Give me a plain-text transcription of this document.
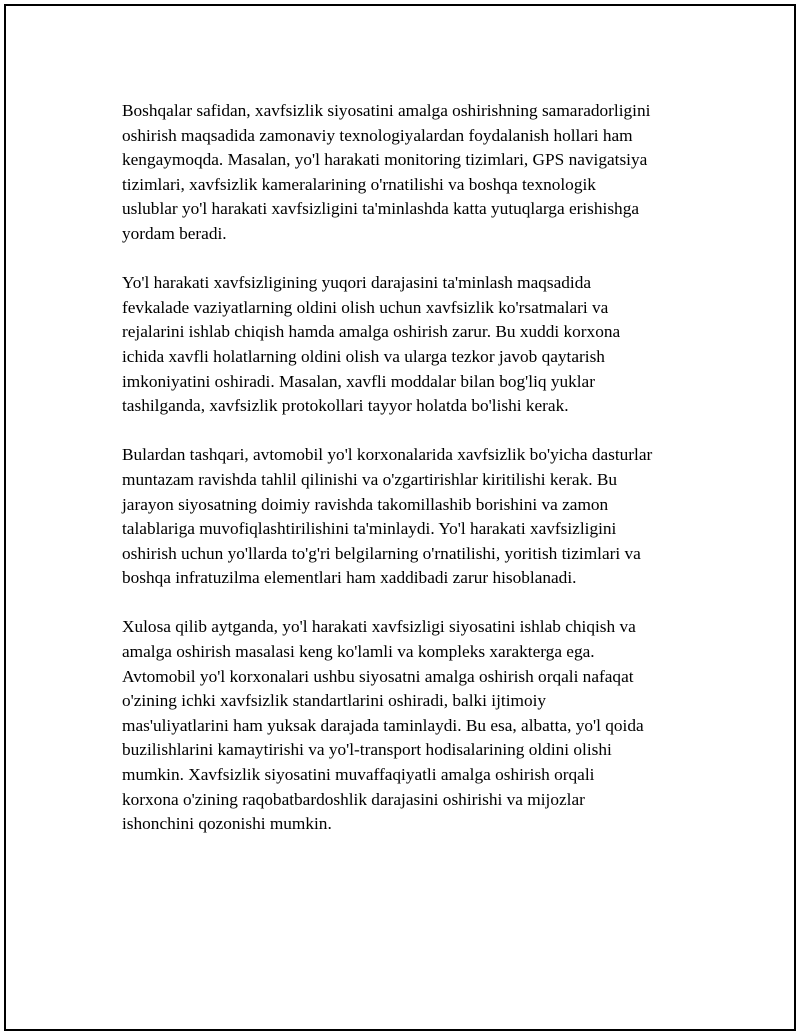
Boshqalar safidan, xavfsizlik siyosatini amalga oshirishning samaradorligini
oshirish maqsadida zamonaviy texnologiyalardan foydalanish hollari ham
kengaymoqda. Masalan, yo'l harakati monitoring tizimlari, GPS navigatsiya
tizimlari, xavfsizlik kameralarining o'rnatilishi va boshqa texnologik
uslublar yo'l harakati xavfsizligini ta'minlashda katta yutuqlarga erishishga
yordam beradi.

Yo'l harakati xavfsizligining yuqori darajasini ta'minlash maqsadida
fevkalade vaziyatlarning oldini olish uchun xavfsizlik ko'rsatmalari va
rejalarini ishlab chiqish hamda amalga oshirish zarur. Bu xuddi korxona
ichida xavfli holatlarning oldini olish va ularga tezkor javob qaytarish
imkoniyatini oshiradi. Masalan, xavfli moddalar bilan bog'liq yuklar
tashilganda, xavfsizlik protokollari tayyor holatda bo'lishi kerak.

Bulardan tashqari, avtomobil yo'l korxonalarida xavfsizlik bo'yicha dasturlar
muntazam ravishda tahlil qilinishi va o'zgartirishlar kiritilishi kerak. Bu
jarayon siyosatning doimiy ravishda takomillashib borishini va zamon
talablariga muvofiqlashtirilishini ta'minlaydi. Yo'l harakati xavfsizligini
oshirish uchun yo'llarda to'g'ri belgilarning o'rnatilishi, yoritish tizimlari va
boshqa infratuzilma elementlari ham xaddibadi zarur hisoblanadi.

Xulosa qilib aytganda, yo'l harakati xavfsizligi siyosatini ishlab chiqish va
amalga oshirish masalasi keng ko'lamli va kompleks xarakterga ega.
Avtomobil yo'l korxonalari ushbu siyosatni amalga oshirish orqali nafaqat
o'zining ichki xavfsizlik standartlarini oshiradi, balki ijtimoiy
mas'uliyatlarini ham yuksak darajada taminlaydi. Bu esa, albatta, yo'l qoida
buzilishlarini kamaytirishi va yo'l-transport hodisalarining oldini olishi
mumkin. Xavfsizlik siyosatini muvaffaqiyatli amalga oshirish orqali
korxona o'zining raqobatbardoshlik darajasini oshirishi va mijozlar
ishonchini qozonishi mumkin.
